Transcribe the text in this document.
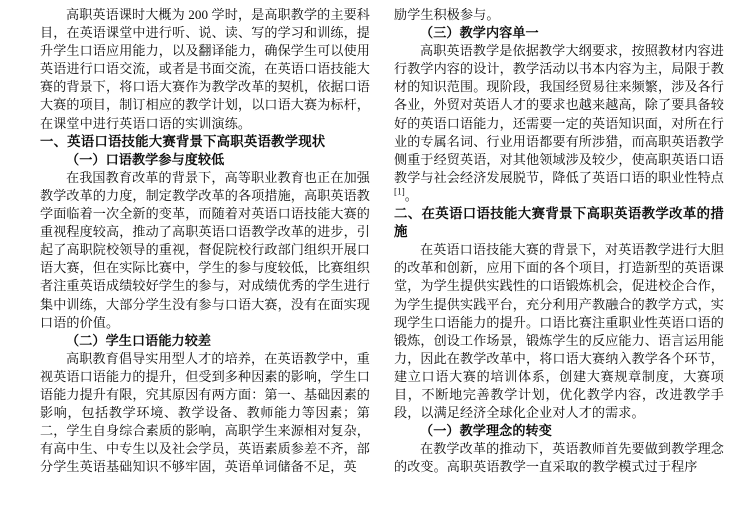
高职英语课时大概为 200 学时，是高职教学的主要科目，在英语课堂中进行听、说、读、写的学习和训练，提升学生口语应用能力，以及翻译能力，确保学生可以使用英语进行口语交流，或者是书面交流，在英语口语技能大赛的背景下，将口语大赛作为教学改革的契机，依据口语大赛的项目，制订相应的教学计划，以口语大赛为标杆，在课堂中进行英语口语的实训演练。

一、英语口语技能大赛背景下高职英语教学现状
（一）口语教学参与度较低

在我国教育改革的背景下，高等职业教育也正在加强教学改革的力度，制定教学改革的各项措施，高职英语教学面临着一次全新的变革，而随着对英语口语技能大赛的重视程度较高，推动了高职英语口语教学改革的进步，引起了高职院校领导的重视，督促院校行政部门组织开展口语大赛，但在实际比赛中，学生的参与度较低，比赛组织者注重英语成绩较好学生的参与，对成绩优秀的学生进行集中训练，大部分学生没有参与口语大赛，没有在面实现口语的价值。

（二）学生口语能力较差

高职教育倡导实用型人才的培养，在英语教学中，重视英语口语能力的提升，但受到多种因素的影响，学生口语能力提升有限，究其原因有两方面：第一、基础因素的影响，包括教学环境、教学设备、教师能力等因素；第二，学生自身综合素质的影响，高职学生来源相对复杂，有高中生、中专生以及社会学员，英语素质参差不齐，部分学生英语基础知识不够牢固，英语单词储备不足，英

励学生积极参与。

（三）教学内容单一

高职英语教学是依据教学大纲要求，按照教材内容进行教学内容的设计，教学活动以书本内容为主，局限于教材的知识范围。现阶段，我国经贸易往来频繁，涉及各行各业，外贸对英语人才的要求也越来越高，除了要具备较好的英语口语能力，还需要一定的英语知识面，对所在行业的专属名词、行业用语都要有所涉猎，而高职英语教学侧重于经贸英语，对其他领域涉及较少，使高职英语口语教学与社会经济发展脱节，降低了英语口语的职业性特点[1]。

二、在英语口语技能大赛背景下高职英语教学改革的措施

在英语口语技能大赛的背景下，对英语教学进行大胆的改革和创新，应用下面的各个项目，打造新型的英语课堂，为学生提供实践性的口语锻炼机会，促进校企合作，为学生提供实践平台，充分利用产教融合的教学方式，实现学生口语能力的提升。口语比赛注重职业性英语口语的锻炼，创设工作场景，锻炼学生的反应能力、语言运用能力，因此在教学改革中，将口语大赛纳入教学各个环节，建立口语大赛的培训体系，创建大赛规章制度，大赛项目，不断地完善教学计划，优化教学内容，改进教学手段，以满足经济全球化企业对人才的需求。

（一）教学理念的转变

在教学改革的推动下，英语教师首先要做到教学理念的改变。高职英语教学一直采取的教学模式过于程序
